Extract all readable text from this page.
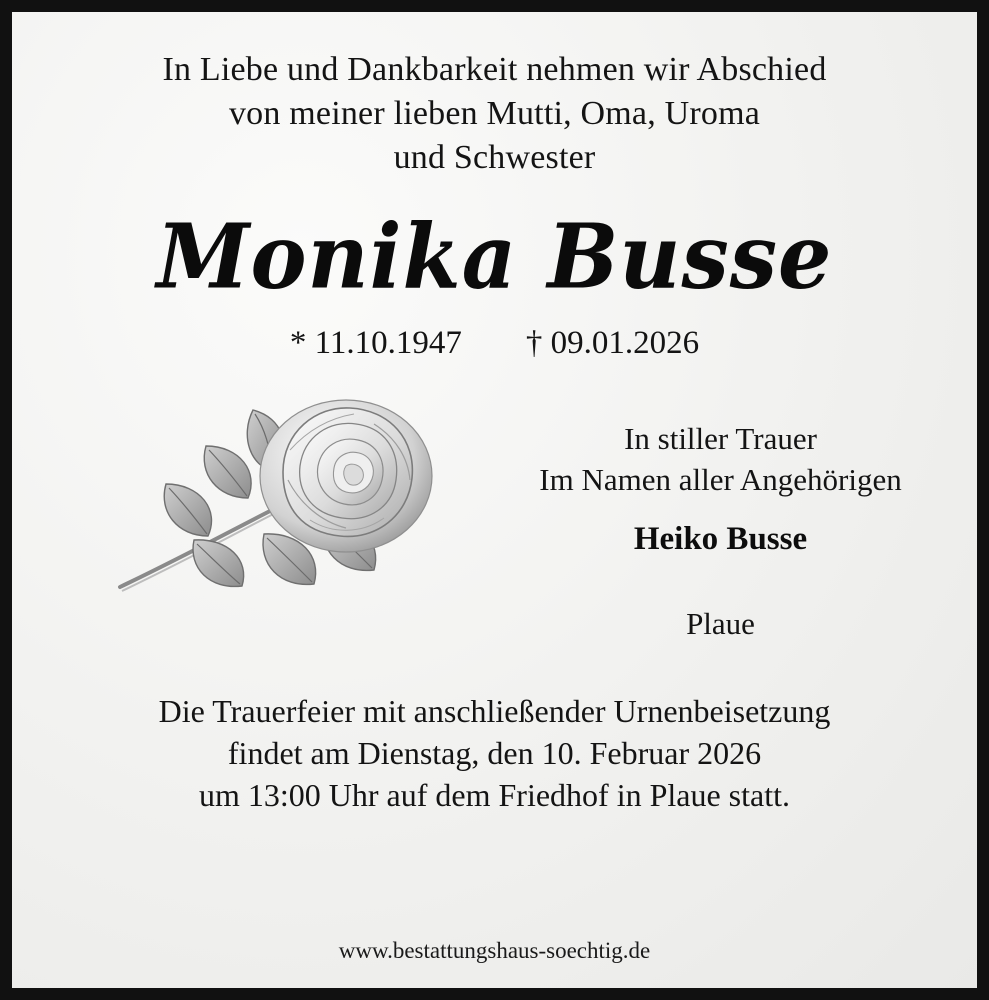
In Liebe und Dankbarkeit nehmen wir Abschied
von meiner lieben Mutti, Oma, Uroma
und Schwester
Monika Busse
* 11.10.1947 † 09.01.2026
In stiller Trauer
Im Namen aller Angehörigen
Heiko Busse
Plaue
Die Trauerfeier mit anschließender Urnenbeisetzung
findet am Dienstag, den 10. Februar 2026
um 13:00 Uhr auf dem Friedhof in Plaue statt.
www.bestattungshaus-soechtig.de
